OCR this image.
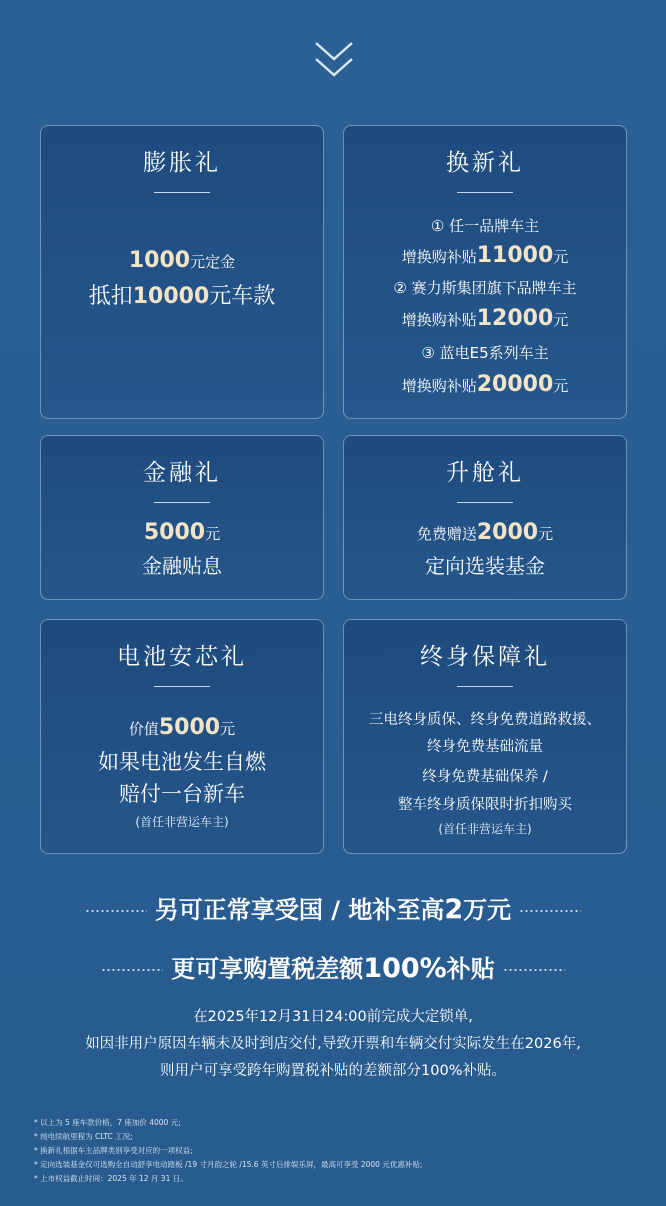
膨胀礼
1000元定金
抵扣10000元车款
换新礼
① 任一品牌车主
增换购补贴11000元
② 赛力斯集团旗下品牌车主
增换购补贴12000元
③ 蓝电E5系列车主
增换购补贴20000元
金融礼
5000元
金融贴息
升舱礼
免费赠送2000元
定向选装基金
电池安芯礼
价值5000元
如果电池发生自燃
赔付一台新车
(首任非营运车主)
终身保障礼
三电终身质保、终身免费道路救援、
终身免费基础流量
终身免费基础保养 /
整车终身质保限时折扣购买
(首任非营运车主)
另可正常享受国 / 地补至高2万元
更可享购置税差额100%补贴
在2025年12月31日24:00前完成大定锁单,
如因非用户原因车辆未及时到店交付,导致开票和车辆交付实际发生在2026年,
则用户可享受跨年购置税补贴的差额部分100%补贴。
* 以上为 5 座车款价格，7 座加价 4000 元;
* 纯电续航里程为 CLTC 工况;
* 换新礼根据车主品牌类别享受对应的一项权益;
* 定向选装基金仅可选购全自动舒享电动踏板 /19 寸月韵之轮 /15.6 英寸后排娱乐屏，最高可享受 2000 元优惠补贴;
* 上市权益截止时间：2025 年 12 月 31 日。
